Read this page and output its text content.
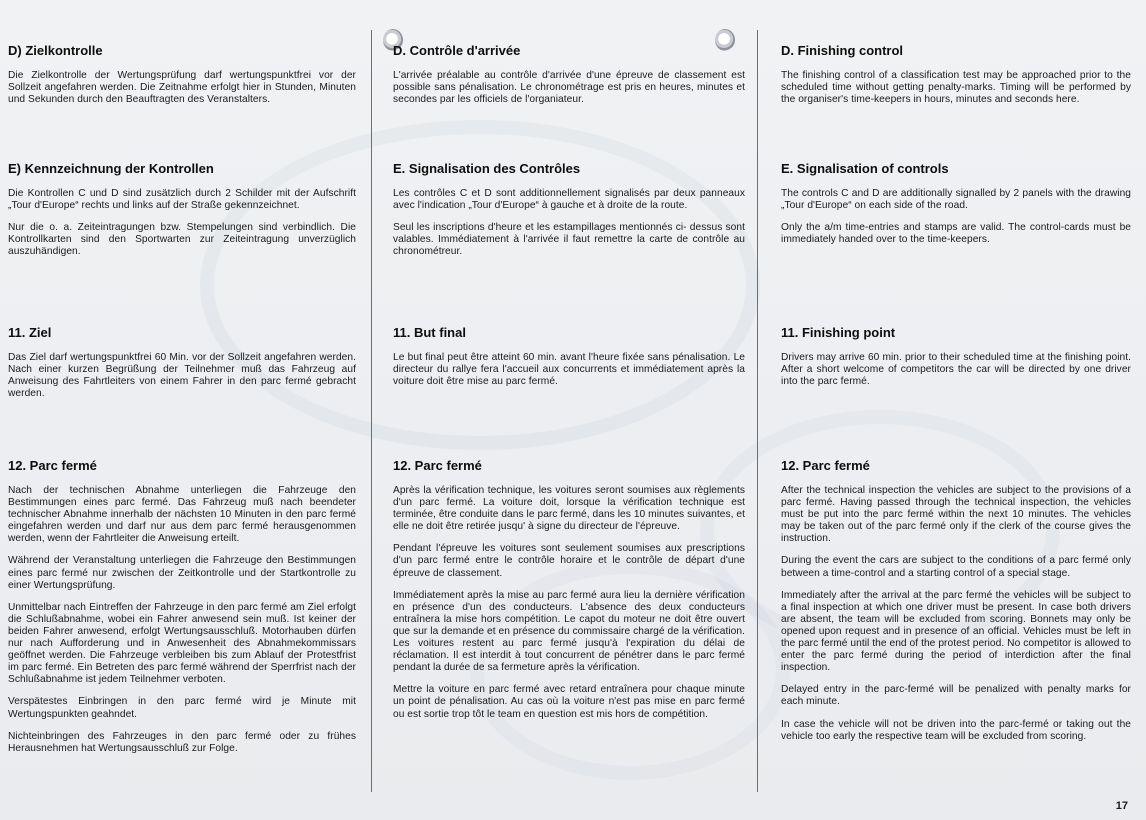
D) Zielkontrolle

Die Zielkontrolle der Wertungsprüfung darf wertungspunktfrei vor der Sollzeit angefahren werden. Die Zeitnahme erfolgt hier in Stunden, Minuten und Sekunden durch den Beauftragten des Veranstalters.

E) Kennzeichnung der Kontrollen

Die Kontrollen C und D sind zusätzlich durch 2 Schilder mit der Aufschrift „Tour d'Europe“ rechts und links auf der Straße gekennzeichnet.

Nur die o. a. Zeiteintragungen bzw. Stempelungen sind verbindlich. Die Kontrollkarten sind den Sportwarten zur Zeiteintragung unverzüglich auszuhändigen.

11. Ziel

Das Ziel darf wertungspunktfrei 60 Min. vor der Sollzeit angefahren werden. Nach einer kurzen Begrüßung der Teilnehmer muß das Fahrzeug auf Anweisung des Fahrtleiters von einem Fahrer in den parc fermé gebracht werden.

12. Parc fermé

Nach der technischen Abnahme unterliegen die Fahrzeuge den Bestimmungen eines parc fermé. Das Fahrzeug muß nach beendeter technischer Abnahme innerhalb der nächsten 10 Minuten in den parc fermé eingefahren werden und darf nur aus dem parc fermé herausgenommen werden, wenn der Fahrtleiter die Anweisung erteilt.

Während der Veranstaltung unterliegen die Fahrzeuge den Bestimmungen eines parc fermé nur zwischen der Zeitkontrolle und der Startkontrolle zu einer Wertungsprüfung.

Unmittelbar nach Eintreffen der Fahrzeuge in den parc fermé am Ziel erfolgt die Schlußabnahme, wobei ein Fahrer anwesend sein muß. Ist keiner der beiden Fahrer anwesend, erfolgt Wertungsausschluß. Motorhauben dürfen nur nach Aufforderung und in Anwesenheit des Abnahmekommissars geöffnet werden. Die Fahrzeuge verbleiben bis zum Ablauf der Protestfrist im parc fermé. Ein Betreten des parc fermé während der Sperrfrist nach der Schlußabnahme ist jedem Teilnehmer verboten.

Verspätestes Einbringen in den parc fermé wird je Minute mit Wertungspunkten geahndet.

Nichteinbringen des Fahrzeuges in den parc fermé oder zu frühes Herausnehmen hat Wertungsausschluß zur Folge.

D. Contrôle d'arrivée

L'arrivée préalable au contrôle d'arrivée d'une épreuve de classement est possible sans pénalisation. Le chronométrage est pris en heures, minutes et secondes par les officiels de l'organiateur.

E. Signalisation des Contrôles

Les contrôles C et D sont additionnellement signalisés par deux panneaux avec l'indication „Tour d'Europe“ à gauche et à droite de la route.

Seul les inscriptions d'heure et les estampillages mentionnés ci- dessus sont valables. Immédiatement à l'arrivée il faut remettre la carte de contrôle au chronométreur.

11. But final

Le but final peut être atteint 60 min. avant l'heure fixée sans pénalisation. Le directeur du rallye fera l'accueil aux concurrents et immédiatement après la voiture doit être mise au parc fermé.

12. Parc fermé

Après la vérification technique, les voitures seront soumises aux règlements d'un parc fermé. La voiture doit, lorsque la vérification technique est terminée, être conduite dans le parc fermé, dans les 10 minutes suivantes, et elle ne doit être retirée jusqu' à signe du directeur de l'épreuve.

Pendant l'épreuve les voitures sont seulement soumises aux prescriptions d'un parc fermé entre le contrôle horaire et le contrôle de départ d'une épreuve de classement.

Immédiatement après la mise au parc fermé aura lieu la dernière vérification en présence d'un des conducteurs. L'absence des deux conducteurs entraînera la mise hors compétition. Le capot du moteur ne doit être ouvert que sur la demande et en présence du commissaire chargé de la vérification. Les voitures restent au parc fermé jusqu'à l'expiration du délai de réclamation. Il est interdit à tout concurrent de pénétrer dans le parc fermé pendant la durée de sa fermeture après la vérification.

Mettre la voiture en parc fermé avec retard entraînera pour chaque minute un point de pénalisation. Au cas où la voiture n'est pas mise en parc fermé ou est sortie trop tôt le team en question est mis hors de compétition.

D. Finishing control

The finishing control of a classification test may be approached prior to the scheduled time without getting penalty-marks. Timing will be performed by the organiser's time-keepers in hours, minutes and seconds here.

E. Signalisation of controls

The controls C and D are additionally signalled by 2 panels with the drawing „Tour d'Europe“ on each side of the road.

Only the a/m time-entries and stamps are valid. The control-cards must be immediately handed over to the time-keepers.

11. Finishing point

Drivers may arrive 60 min. prior to their scheduled time at the finishing point. After a short welcome of competitors the car will be directed by one driver into the parc fermé.

12. Parc fermé

After the technical inspection the vehicles are subject to the provisions of a parc fermé. Having passed through the technical inspection, the vehicles must be put into the parc fermé within the next 10 minutes. The vehicles may be taken out of the parc fermé only if the clerk of the course gives the instruction.

During the event the cars are subject to the conditions of a parc fermé only between a time-control and a starting control of a special stage.

Immediately after the arrival at the parc fermé the vehicles will be subject to a final inspection at which one driver must be present. In case both drivers are absent, the team will be excluded from scoring. Bonnets may only be opened upon request and in presence of an official. Vehicles must be left in the parc fermé until the end of the protest period. No competitor is allowed to enter the parc fermé during the period of interdiction after the final inspection.

Delayed entry in the parc-fermé will be penalized with penalty marks for each minute.

In case the vehicle will not be driven into the parc-fermé or taking out the vehicle too early the respective team will be excluded from scoring.

17
